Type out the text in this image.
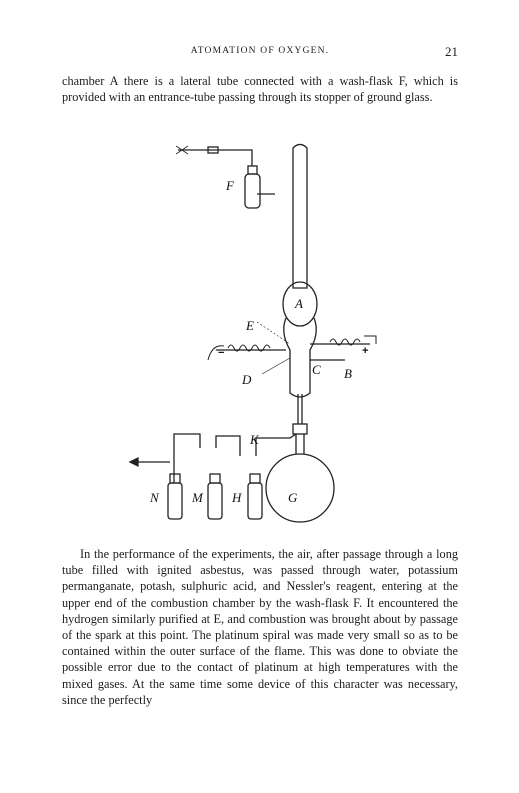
ATOMATION OF OXYGEN.	21

chamber A there is a lateral tube connected with a wash-flask F, which is provided with an entrance-tube passing through its stopper of ground glass.

F
A
E
−	+
C B
D
K
N	M H	G

In the performance of the experiments, the air, after passage through a long tube filled with ignited asbestus, was passed through water, potassium permanganate, potash, sulphuric acid, and Nessler's reagent, entering at the upper end of the combustion chamber by the wash-flask F. It encountered the hydrogen similarly purified at E, and combustion was brought about by passage of the spark at this point. The platinum spiral was made very small so as to be contained within the outer surface of the flame. This was done to obviate the possible error due to the contact of platinum at high temperatures with the mixed gases. At the same time some device of this character was necessary, since the perfectly
